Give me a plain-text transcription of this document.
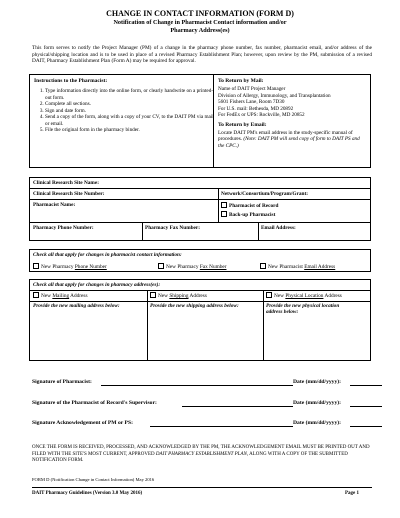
CHANGE IN CONTACT INFORMATION (FORM D)
Notification of Change in Pharmacist Contact information and/or
Pharmacy Address(es)
This form serves to notify the Project Manager (PM) of a change in the pharmacy phone number, fax number, pharmacist email, and/or address of the physical/shipping location and is to be used in place of a revised Pharmacy Establishment Plan; however, upon review by the PM, submission of a revised DAIT, Pharmacy Establishment Plan (Form A) may be required for approval.
Instructions to the Pharmacist:
1. Type information directly into the online form, or clearly handwrite on a printed-out form.
2. Complete all sections.
3. Sign and date form.
4. Send a copy of the form, along with a copy of your CV, to the DAIT PM via mail or email.
5. File the original form in the pharmacy binder.
To Return by Mail:
Name of DAIT Project Manager
Division of Allergy, Immunology, and Transplantation
5601 Fishers Lane, Room 7D30
For U.S. mail: Bethesda, MD 20892
For FedEx or UPS: Rockville, MD 20852
To Return by Email:
Locate DAIT PM's email address in the study-specific manual of procedures. (Note: DAIT PM will send copy of form to DAIT PS and the CPC.)
Clinical Research Site Name:
Clinical Research Site Number:	Network/Consortium/Program/Grant:
Pharmacist Name:	Pharmacist of Record
Back-up Pharmacist
Pharmacy Phone Number:	Pharmacy Fax Number:	Email Address:
Check all that apply for changes in pharmacist contact information:
New Pharmacy Phone Number	New Pharmacy Fax Number	New Pharmacist Email Address
Check all that apply for changes in pharmacy address(es):
New Mailing Address	New Shipping Address	New Physical Location Address
Provide the new mailing address below:	Provide the new shipping address below:	Provide the new physical location address below:
Signature of Pharmacist:	Date (mm/dd/yyyy):
Signature of the Pharmacist of Record's Supervisor:	Date (mm/dd/yyyy):
Signature Acknowledgement of PM or PS:	Date (mm/dd/yyyy):
ONCE THE FORM IS RECEIVED, PROCESSED, AND ACKNOWLEDGED BY THE PM, THE ACKNOWLEDGEMENT EMAIL MUST BE PRINTED OUT AND FILED WITH THE SITE'S MOST CURRENT, APPROVED DAIT PHARMACY ESTABLISHMENT PLAN, ALONG WITH A COPY OF THE SUBMITTED NOTIFICATION FORM.
FORM D (Notification Change in Contact Information) May 2016
DAIT Pharmacy Guidelines (Version 3.0 May 2016)	Page 1
